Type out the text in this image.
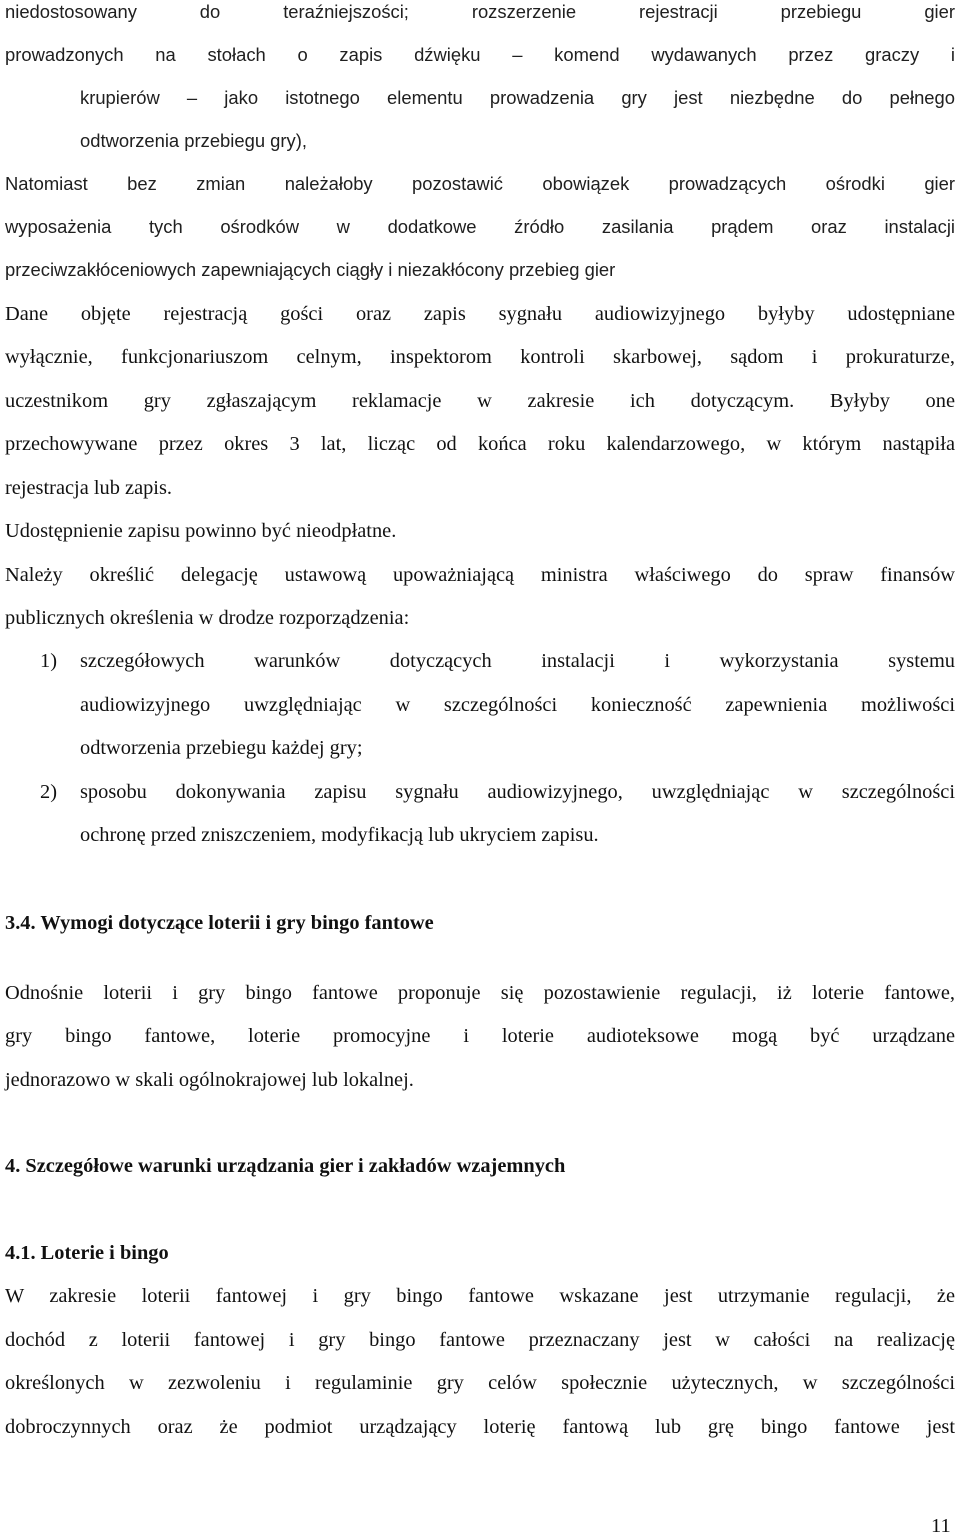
niedostosowany do teraźniejszości; rozszerzenie rejestracji przebiegu gier
prowadzonych na stołach o zapis dźwięku – komend wydawanych przez graczy i
krupierów – jako istotnego elementu prowadzenia gry jest niezbędne do pełnego
odtworzenia przebiegu gry),
Natomiast bez zmian należałoby pozostawić obowiązek prowadzących ośrodki gier
wyposażenia tych ośrodków w dodatkowe źródło zasilania prądem oraz instalacji
przeciwzakłóceniowych zapewniających ciągły i niezakłócony przebieg gier
Dane objęte rejestracją gości oraz zapis sygnału audiowizyjnego byłyby udostępniane
wyłącznie, funkcjonariuszom celnym, inspektorom kontroli skarbowej, sądom i prokuraturze,
uczestnikom gry zgłaszającym reklamacje w zakresie ich dotyczącym. Byłyby one
przechowywane przez okres 3 lat, licząc od końca roku kalendarzowego, w którym nastąpiła
rejestracja lub zapis.
Udostępnienie zapisu powinno być nieodpłatne.
Należy określić delegację ustawową upoważniającą ministra właściwego do spraw finansów
publicznych określenia w drodze rozporządzenia:
1) szczegółowych warunków dotyczących instalacji i wykorzystania systemu
audiowizyjnego uwzględniając w szczególności konieczność zapewnienia możliwości
odtworzenia przebiegu każdej gry;
2) sposobu dokonywania zapisu sygnału audiowizyjnego, uwzględniając w szczególności
ochronę przed zniszczeniem, modyfikacją lub ukryciem zapisu.
3.4. Wymogi dotyczące loterii i gry bingo fantowe
Odnośnie loterii i gry bingo fantowe proponuje się pozostawienie regulacji, iż loterie fantowe,
gry bingo fantowe, loterie promocyjne i loterie audioteksowe mogą być urządzane
jednorazowo w skali ogólnokrajowej lub lokalnej.
4. Szczegółowe warunki urządzania gier i zakładów wzajemnych
4.1. Loterie i bingo
W zakresie loterii fantowej i gry bingo fantowe wskazane jest utrzymanie regulacji, że
dochód z loterii fantowej i gry bingo fantowe przeznaczany jest w całości na realizację
określonych w zezwoleniu i regulaminie gry celów społecznie użytecznych, w szczególności
dobroczynnych oraz że podmiot urządzający loterię fantową lub grę bingo fantowe jest
11
